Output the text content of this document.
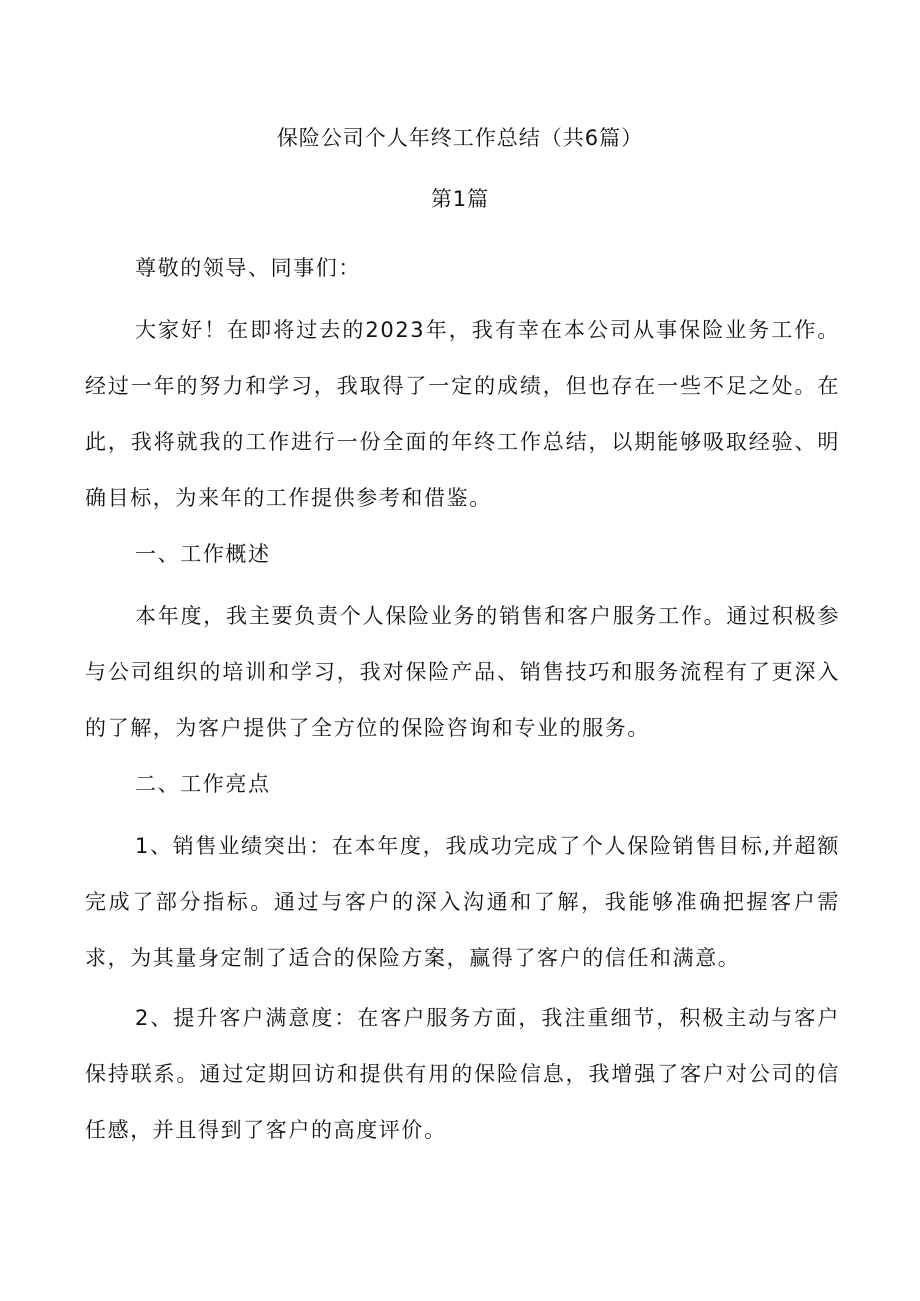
保险公司个人年终工作总结（共6篇）
第1篇

尊敬的领导、同事们：

大家好！在即将过去的2023年，我有幸在本公司从事保险业务工作。经过一年的努力和学习，我取得了一定的成绩，但也存在一些不足之处。在此，我将就我的工作进行一份全面的年终工作总结，以期能够吸取经验、明确目标，为来年的工作提供参考和借鉴。

一、工作概述

本年度，我主要负责个人保险业务的销售和客户服务工作。通过积极参与公司组织的培训和学习，我对保险产品、销售技巧和服务流程有了更深入的了解，为客户提供了全方位的保险咨询和专业的服务。

二、工作亮点

1、销售业绩突出：在本年度，我成功完成了个人保险销售目标,并超额完成了部分指标。通过与客户的深入沟通和了解，我能够准确把握客户需求，为其量身定制了适合的保险方案，赢得了客户的信任和满意。

2、提升客户满意度：在客户服务方面，我注重细节，积极主动与客户保持联系。通过定期回访和提供有用的保险信息，我增强了客户对公司的信任感，并且得到了客户的高度评价。
